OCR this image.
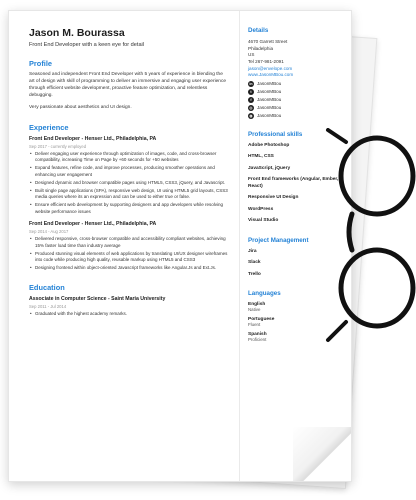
Jason M. Bourassa
Front End Developer with a keen eye for detail
Profile

Seasoned and independent Front End Developer with 5 years of experience in blending the art of design with skill of programming to deliver an immersive and engaging user experience through efficient website development, proactive feature optimization, and relentless debugging.

Very passionate about aesthetics and UI design.

Experience
Front End Developer - Henser Ltd., Philadelphia, PA
Sep 2017 - currently employed
• Deliver engaging user experience through optimization of images, code, and cross-browser compatibility, increasing Time on Page by +60 seconds for +50 websites
• Expand features, refine code, and improve processes, producing smoother operations and enhancing user engagement
• Designed dynamic and browser compatible pages using HTML5, CSS3, jQuery, and Javascript.
• Built single page applications (SPA), responsive web design, UI using HTML5 grid layouts, CSS3 media queries where its an expression and can be used to either true or false.
• Ensure efficient web development by supporting designers and app developers while resolving website performance issues
Front End Developer - Henser Ltd., Philadelphia, PA
Sep 2014 - Aug 2017
• Delivered responsive, cross-browser compatible and accessibility compliant websites, achieving 15% faster load time than industry average
• Produced stunning visual elements of web applications by translating UI/UX designer wireframes into code while producing high quality, reusable markup using HTML5 and CSS3
• Designing frontend within object-oriented Javascript frameworks like Angular.Js and Ext.Js.
Education
Associate in Computer Science - Saint Maria University
Sep 2011 - Jul 2014
• Graduated with the highest academy remarks.
Details
4670 Garrett Street
Philadelphia
US
Tel 267-981-2091
jason@envelope.com
www.JasonMBou.com
in JasonMBou
t	JasonMBou
f	JasonMBou
◎ JasonMBou
◍ JasonMBou
Professional skills
Adobe Photoshop
HTML, CSS
JavaScript, jQuery
Front End frameworks (Angular, Ember, React)
Responsive UI Design
WordPress
Visual Studio
Project Management
Jira
Slack
Trello
Languages
English
Native
Portuguese
Fluent
Spanish
Proficient
